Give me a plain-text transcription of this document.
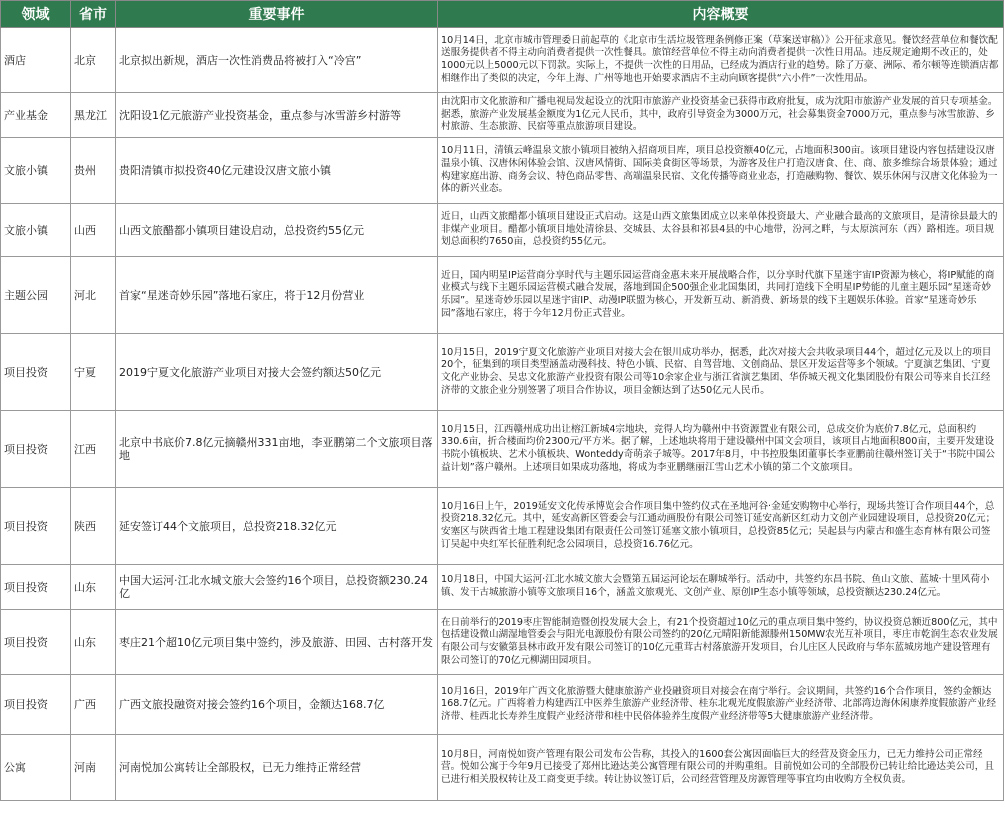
领域	省市	重要事件	内容概要
酒店	北京	北京拟出新规，酒店一次性消费品将被打入“冷宫”	10月14日，北京市城市管理委日前起草的《北京市生活垃圾管理条例修正案（草案送审稿）》公开征求意见。餐饮经营单位和餐饮配送服务提供者不得主动向消费者提供一次性餐具。旅馆经营单位不得主动向消费者提供一次性日用品。违反规定逾期不改正的，处1000元以上5000元以下罚款。实际上，不提供一次性的日用品，已经成为酒店行业的趋势。除了万豪、洲际、希尔顿等连锁酒店都相继作出了类似的决定，今年上海、广州等地也开始要求酒店不主动向顾客提供“六小件”一次性用品。
产业基金	黑龙江	沈阳设1亿元旅游产业投资基金，重点参与冰雪游乡村游等	由沈阳市文化旅游和广播电视局发起设立的沈阳市旅游产业投资基金已获得市政府批复，成为沈阳市旅游产业发展的首只专项基金。据悉，旅游产业发展基金额度为1亿元人民币，其中，政府引导资金为3000万元，社会募集资金7000万元，重点参与冰雪旅游、乡村旅游、生态旅游、民宿等重点旅游项目建设。
文旅小镇	贵州	贵阳清镇市拟投资40亿元建设汉唐文旅小镇	10月11日，清镇云峰温泉文旅小镇项目被纳入招商项目库，项目总投资额40亿元，占地面积300亩。该项目建设内容包括建设汉唐温泉小镇、汉唐休闲体验会馆、汉唐风情街、国际美食街区等场景，为游客及住户打造汉唐食、住、商、旅多维综合场景体验；通过构建家庭出游、商务会议、特色商品零售、高端温泉民宿、文化传播等商业业态，打造融购物、餐饮、娱乐休闲与汉唐文化体验为一体的新兴业态。
文旅小镇	山西	山西文旅醋都小镇项目建设启动，总投资约55亿元	近日，山西文旅醋都小镇项目建设正式启动。这是山西文旅集团成立以来单体投资最大、产业融合最高的文旅项目，是清徐县最大的非煤产业项目。醋都小镇项目地处清徐县、交城县、太谷县和祁县4县的中心地带，汾河之畔，与太原滨河东（西）路相连。项目规划总面积约7650亩，总投资约55亿元。
主题公园	河北	首家“星迷奇妙乐园”落地石家庄，将于12月份营业	近日，国内明星IP运营商分享时代与主题乐园运营商金惠未来开展战略合作，以分享时代旗下星迷宇宙IP资源为核心，将IP赋能的商业模式与线下主题乐园运营模式融合发展，落地到国企500强企业北国集团，共同打造线下全明星IP势能的儿童主题乐园“星迷奇妙乐园”。星迷奇妙乐园以星迷宇宙IP、动漫IP联盟为核心，开发新互动、新消费、新场景的线下主题娱乐体验。首家“星迷奇妙乐园”落地石家庄，将于今年12月份正式营业。
项目投资	宁夏	2019宁夏文化旅游产业项目对接大会签约额达50亿元	10月15日，2019宁夏文化旅游产业项目对接大会在银川成功举办，据悉，此次对接大会共收录项目44个，超过亿元及以上的项目20个，征集到的项目类型涵盖动漫科技、特色小镇、民宿、自驾营地、文创商品、景区开发运营等多个领域。宁夏演艺集团、宁夏文化产业协会、吴忠文化旅游产业投资有限公司等10余家企业与浙江省演艺集团、华侨城天视文化集团股份有限公司等来自长江经济带的文旅企业分别签署了项目合作协议，项目金额达到了达50亿元人民币。
项目投资	江西	北京中书底价7.8亿元摘赣州331亩地，李亚鹏第二个文旅项目落地	10月15日，江西赣州成功出让榕江新城4宗地块，竞得人均为赣州中书资源置业有限公司，总成交价为底价7.8亿元，总面积约330.6亩，折合楼面均价2300元/平方米。据了解，上述地块将用于建设赣州中国文会项目，该项目占地面积800亩，主要开发建设书院小镇板块、艺术小镇板块、Wonteddy奇萌亲子城等。2017年8月，中书控股集团董事长李亚鹏前往赣州签订关于“书院中国公益计划”落户赣州。上述项目如果成功落地，将成为李亚鹏继丽江雪山艺术小镇的第二个文旅项目。
项目投资	陕西	延安签订44个文旅项目，总投资218.32亿元	10月16日上午，2019延安文化传承博览会合作项目集中签约仪式在圣地河谷·金延安购物中心举行，现场共签订合作项目44个，总投资218.32亿元。其中，延安高新区管委会与江通动画股份有限公司签订延安高新区红动力文创产业园建设项目，总投资20亿元；安塞区与陕西省土地工程建设集团有限责任公司签订延塞文旅小镇项目，总投资85亿元；吴起县与内蒙古和盛生态育林有限公司签订吴起中央红军长征胜利纪念公园项目，总投资16.76亿元。
项目投资	山东	中国大运河·江北水城文旅大会签约16个项目，总投资额230.24亿	10月18日，中国大运河·江北水城文旅大会暨第五届运河论坛在聊城举行。活动中，共签约东昌书院、鱼山文旅、蓝城·十里风荷小镇、发干古城旅游小镇等文旅项目16个，涵盖文旅观光、文创产业、原创IP生态小镇等领域，总投资额达230.24亿元。
项目投资	山东	枣庄21个超10亿元项目集中签约，涉及旅游、田园、古村落开发	在日前举行的2019枣庄智能制造暨创投发展大会上，有21个投资超过10亿元的重点项目集中签约，协议投资总额近800亿元，其中包括建设微山湖湿地管委会与阳光电源股份有限公司签约的20亿元晴阳新能源滕州150MW农光互补项目，枣庄市乾润生态农业发展有限公司与安徽第县林市政开发有限公司签订的10亿元重茸古村落旅游开发项目，台儿庄区人民政府与华东蓝城房地产建设管理有限公司签订的70亿元柳湖田园项目。
项目投资	广西	广西文旅投融资对接会签约16个项目，金额达168.7亿	10月16日，2019年广西文化旅游暨大健康旅游产业投融资项目对接会在南宁举行。会议期间，共签约16个合作项目，签约金额达168.7亿元。广西将着力构建西江中医养生旅游产业经济带、桂东北观光度假旅游产业经济带、北部湾边海休闲康养度假旅游产业经济带、桂西北长寿养生度假产业经济带和桂中民俗体验养生度假产业经济带等5大健康旅游产业经济带。
公寓	河南	河南悦加公寓转让全部股权，已无力维持正常经营	10月8日，河南悦如资产管理有限公司发布公告称，其投入的1600套公寓因面临巨大的经营及资金压力，已无力维持公司正常经营。悦如公寓于今年9月已接受了郑州比逊达美公寓管理有限公司的并购重组。目前悦如公司的全部股份已转让给比逊达美公司，且已进行相关股权转让及工商变更手续。转让协议签订后，公司经营管理及房源管理等事宜均由收购方全权负责。
